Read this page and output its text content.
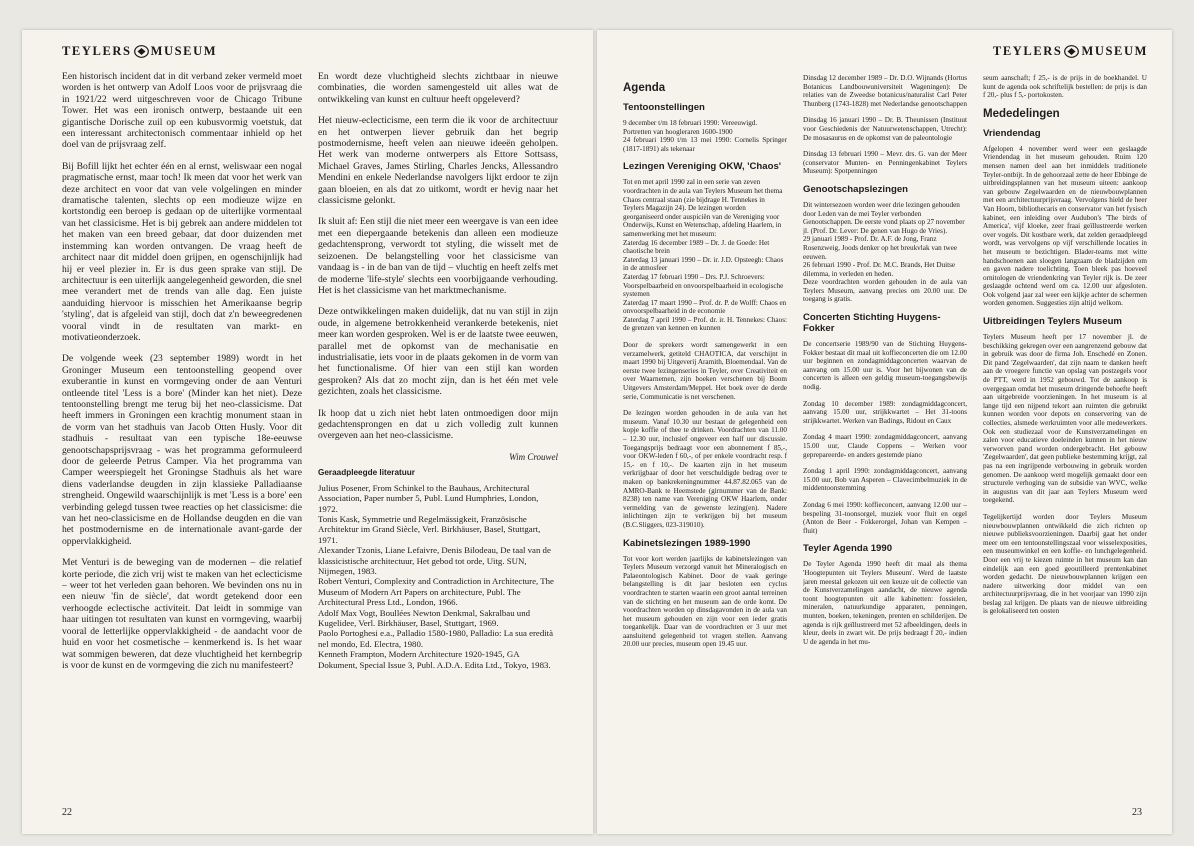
TEYLERS MUSEUM

Een historisch incident dat in dit verband zeker vermeld moet worden is het ontwerp van Adolf Loos voor de prijsvraag die in 1921/22 werd uitgeschreven voor de Chicago Tribune Tower. Het was een ironisch ontwerp, bestaande uit een gigantische Dorische zuil op een kubusvormig voetstuk, dat een interessant architectonisch commentaar inhield op het doel van de prijsvraag zelf.

Bij Bofill lijkt het echter één en al ernst, weliswaar een nogal pragmatische ernst, maar toch! Ik meen dat voor het werk van deze architect en voor dat van vele volgelingen en minder dramatische talenten, slechts op een modieuze wijze en kortstondig een beroep is gedaan op de uiterlijke vormentaal van het classicisme. Het is bij gebrek aan andere middelen tot het maken van een breed gebaar, dat door duizenden met instemming kan worden ontvangen. De vraag heeft de architect naar dit middel doen grijpen, en ogenschijnlijk had hij er veel plezier in. Er is dus geen sprake van stijl. De architectuur is een uiterlijk aangelegenheid geworden, die snel mee verandert met de trends van alle dag. Een juiste aanduiding hiervoor is misschien het Amerikaanse begrip 'styling', dat is afgeleid van stijl, doch dat z'n beweegredenen vooral vindt in de resultaten van markt- en motivatieonderzoek.

De volgende week (23 september 1989) wordt in het Groninger Museum een tentoonstelling geopend over exuberantie in kunst en vormgeving onder de aan Venturi ontleende titel 'Less is a bore' (Minder kan het niet). Deze tentoonstelling brengt me terug bij het neo-classicisme. Dat heeft immers in Groningen een krachtig monument staan in de vorm van het stadhuis van Jacob Otten Husly. Voor dit stadhuis - resultaat van een typische 18e-eeuwse genootschapsprijsvraag - was het programma geformuleerd door de geleerde Petrus Camper. Via het programma van Camper weerspiegelt het Groningse Stadhuis als het ware diens vaderlandse deugden in zijn klassieke Palladiaanse strengheid. Ongewild waarschijnlijk is met 'Less is a bore' een verbinding gelegd tussen twee reacties op het classicisme: die van het neo-classicisme en de Hollandse deugden en die van het postmodernisme en de internationale avant-garde der oppervlakkigheid.

Met Venturi is de beweging van de modernen – die relatief korte periode, die zich vrij wist te maken van het eclecticisme – weer tot het verleden gaan behoren. We bevinden ons nu in een nieuw 'fin de siècle', dat wordt getekend door een verhoogde eclectische activiteit. Dat leidt in sommige van haar uitingen tot resultaten van kunst en vormgeving, waarbij vooral de letterlijke oppervlakkigheid - de aandacht voor de huid en voor het cosmetische – kenmerkend is. Is het waar wat sommigen beweren, dat deze vluchtigheid het kernbegrip is voor de kunst en de vormgeving die zich nu manifesteert?

En wordt deze vluchtigheid slechts zichtbaar in nieuwe combinaties, die worden samengesteld uit alles wat de ontwikkeling van kunst en cultuur heeft opgeleverd?

Het nieuw-eclecticisme, een term die ik voor de architectuur en het ontwerpen liever gebruik dan het begrip postmodernisme, heeft velen aan nieuwe ideeën geholpen. Het werk van moderne ontwerpers als Ettore Sottsass, Michael Graves, James Stirling, Charles Jencks, Allessandro Mendini en enkele Nederlandse navolgers lijkt erdoor te zijn gaan bloeien, en als dat zo uitkomt, wordt er hevig naar het classicisme gelonkt.

Ik sluit af: Een stijl die niet meer een weergave is van een idee met een diepergaande betekenis dan alleen een modieuze gedachtensprong, verwordt tot styling, die wisselt met de seizoenen. De belangstelling voor het classicisme van vandaag is - in de ban van de tijd – vluchtig en heeft zelfs met de moderne 'life-style' slechts een voorbijgaande verhouding. Het is het classicisme van het marktmechanisme.

Deze ontwikkelingen maken duidelijk, dat nu van stijl in zijn oude, in algemene betrokkenheid verankerde betekenis, niet meer kan worden gesproken. Wel is er de laatste twee eeuwen, parallel met de opkomst van de mechanisatie en industrialisatie, iets voor in de plaats gekomen in de vorm van het functionalisme. Of hier van een stijl kan worden gesproken? Als dat zo mocht zijn, dan is het één met vele gezichten, zoals het classicisme.

Ik hoop dat u zich niet hebt laten ontmoedigen door mijn gedachtensprongen en dat u zich volledig zult kunnen overgeven aan het neo-classicisme.

Wim Crouwel
Geraadpleegde literatuur

Julius Posener, From Schinkel to the Bauhaus, Architectural Association, Paper number 5, Publ. Lund Humphries, London, 1972.

Tonis Kask, Symmetrie und Regelmässigkeit, Französische Architektur im Grand Siècle, Verl. Birkhäuser, Basel, Stuttgart, 1971.

Alexander Tzonis, Liane Lefaivre, Denis Bilodeau, De taal van de klassicistische architectuur, Het gebod tot orde, Uitg. SUN, Nijmegen, 1983.

Robert Venturi, Complexity and Contradiction in Architecture, The Museum of Modern Art Papers on architecture, Publ. The Architectural Press Ltd., London, 1966.

Adolf Max Vogt, Boullées Newton Denkmal, Sakralbau und Kugelidee, Verl. Birkhäuser, Basel, Stuttgart, 1969.

Paolo Portoghesi e.a., Palladio 1580-1980, Palladio: La sua eredità nel mondo, Ed. Electra, 1980.

Kenneth Frampton, Modern Architecture 1920-1945, GA Dokument, Special Issue 3, Publ. A.D.A. Edita Ltd., Tokyo, 1983.

22
TEYLERS MUSEUM
Agenda
Tentoonstellingen

9 december t/m 18 februari 1990: Vereeuwigd. Portretten van hoogleraren 1600-1900

24 februari 1990 t/m 13 mei 1990: Cornelis Springer (1817-1891) als tekenaar

Lezingen Vereniging OKW, 'Chaos'

Tot en met april 1990 zal in een serie van zeven voordrachten in de aula van Teylers Museum het thema Chaos centraal staan (zie bijdrage H. Tennekes in Teylers Magazijn 24). De lezingen worden georganiseerd onder auspiciën van de Vereniging voor Onderwijs, Kunst en Wetenschap, afdeling Haarlem, in samenwerking met het museum:

Zaterdag 16 december 1989 – Dr. J. de Goede: Het chaotische brein

Zaterdag 13 januari 1990 – Dr. ir. J.D. Opsteegh: Chaos in de atmosfeer

Zaterdag 17 februari 1990 – Drs. P.J. Schroevers: Voorspelbaarheid en onvoorspelbaarheid in ecologische systemen

Zaterdag 17 maart 1990 – Prof. dr. P. de Wolff: Chaos en onvoorspelbaarheid in de economie

Zaterdag 7 april 1990 – Prof. dr. ir. H. Tennekes: Chaos: de grenzen van kennen en kunnen

Door de sprekers wordt samengewerkt in een verzamelwerk, getiteld CHAOTICA, dat verschijnt in maart 1990 bij Uitgeverij Aramith, Bloemendaal. Van de eerste twee lezingenseries in Teyler, over Creativiteit en over Waarnemen, zijn boeken verschenen bij Boom Uitgevers Amsterdam/Meppel. Het boek over de derde serie, Communicatie is net verschenen.

De lezingen worden gehouden in de aula van het museum. Vanaf 10.30 uur bestaat de gelegenheid een kopje koffie of thee te drinken. Voordrachten van 11.00 – 12.30 uur, inclusief ongeveer een half uur discussie. Toegangsprijs bedraagt voor een abonnement f 85,-, voor OKW-leden f 60,-, of per enkele voordracht resp. f 15,- en f 10,-. De kaarten zijn in het museum verkrijgbaar of door het verschuldigde bedrag over te maken op bankrekeningnummer 44.87.82.065 van de AMRO-Bank te Heemstede (girnummer van de Bank: 8238) ten name van Vereniging OKW Haarlem, onder vermelding van de gewenste lezing(en). Nadere inlichtingen zijn te verkrijgen bij het museum (B.C.Sliggers, 023-319010).

Kabinetslezingen 1989-1990

Tot voor kort werden jaarlijks de kabinetslezingen van Teylers Museum verzorgd vanuit het Mineralogisch en Palaeontologisch Kabinet. Door de vaak geringe belangstelling is dit jaar besloten een cyclus voordrachten te starten waarin een groot aantal terreinen van de stichting en het museum aan de orde komt. De voordrachten worden op dinsdagavonden in de aula van het museum gehouden en zijn voor een ieder gratis toegankelijk. Daar van de voordrachten er 3 uur met aansluitend gelegenheid tot vragen stellen. Aanvang 20.00 uur precies, museum open 19.45 uur.

Dinsdag 12 december 1989 – Dr. D.O. Wijnands (Hortus Botanicus Landbouwuniversiteit Wageningen): De relaties van de Zweedse botanicus/naturalist Carl Peter Thunberg (1743-1828) met Nederlandse genootschappen

Dinsdag 16 januari 1990 – Dr. B. Theunissen (Instituut voor Geschiedenis der Natuurwetenschappen, Utrecht): De mosasaurus en de opkomst van de paleontologie

Dinsdag 13 februari 1990 – Mevr. drs. G. van der Meer (conservator Munten- en Penningenkabinet Teylers Museum): Spotpenningen

Genootschapslezingen

Dit wintersezoen worden weer drie lezingen gehouden door Leden van de mei Teyler verbonden Genootschappen. De eerste vond plaats op 27 november jl. (Prof. Dr. Lever: De genen van Hugo de Vries).

29 januari 1989 - Prof. Dr. A.F. de Jong, Franz Rosenzweig, Joods denker op het breukvlak van twee eeuwen.

26 februari 1990 - Prof. Dr. M.C. Brands, Het Duitse dilemma, in verleden en heden.

Deze voordrachten worden gehouden in de aula van Teylers Museum, aanvang precies om 20.00 uur. De toegang is gratis.

Concerten Stichting Huygens-Fokker

De concertserie 1989/90 van de Stichting Huygens-Fokker bestaat dit maal uit koffieconcerten die om 12.00 uur beginnen en zondagmiddagconcerten waarvan de aanvang om 15.00 uur is. Voor het bijwonen van de concerten is alleen een geldig museum-toegangsbewijs nodig.

Zondag 10 december 1989: zondagmiddagconcert, aanvang 15.00 uur, strijkkwartet – Het 31-toons strijkkwartet. Werken van Badings, Ridout en Caux

Zondag 4 maart 1990: zondagmiddagconcert, aanvang 15.00 uur, Claude Coppens – Werken voor geprepareerde- en anders gestemde piano

Zondag 1 april 1990: zondagmiddagconcert, aanvang 15.00 uur, Bob van Asperen – Clavecimbelmuziek in de middentoonstemming

Zondag 6 mei 1990: koffieconcert, aanvang 12.00 uur – bespeling 31-toonsorgel, muziek voor fluit en orgel (Anton de Beer - Fokkerorgel, Johan van Kempen – fluit)

Teyler Agenda 1990

De Teyler Agenda 1990 heeft dit maal als thema 'Hoogtepunten uit Teylers Museum'. Werd de laatste jaren meestal gekozen uit een keuze uit de collectie van de Kunstverzamelingen aandacht, de nieuwe agenda toont hoogtepunten uit alle kabinetten: fossielen, mineralen, natuurkundige apparaten, penningen, munten, boeken, tekeningen, prenten en schilderijen. De agenda is rijk geïllustreerd met 52 afbeeldingen, deels in kleur, deels in zwart wit. De prijs bedraagt f 20,- indien U de agenda in het mu-

seum aanschaft; f 25,- is de prijs in de boekhandel. U kunt de agenda ook schriftelijk bestellen: de prijs is dan f 20,- plus f 5,- portokosten.

Mededelingen
Vriendendag

Afgelopen 4 november werd weer een geslaagde Vriendendag in het museum gehouden. Ruim 120 mensen namen deel aan het inmiddels traditionele Teyler-ontbijt. In de gehoorzaal zette de heer Ebbinge de uitbreidingsplannen van het museum uiteen: aankoop van gebouw Zegelwaarden en de nieuwbouwplannen met een architectuurprijsvraag. Vervolgens hield de heer Van Hoorn, bibliothecaris en conservator van het fysisch kabinet, een inleiding over Audubon's 'The birds of America', vijf kloeke, zeer fraai geïllustreerde werken over vogels. Dit kostbare werk, dat zelden geraadpleegd wordt, was vervolgens op vijf verschillende locaties in het museum te bezichtigen. Blader-teams met witte handschoenen aan sloegen langzaam de bladzijden om en gaven nadere toelichting. Toen bleek pas hoeveel ornitologen de vriendenkring van Teyler rijk is. De zeer geslaagde ochtend werd om ca. 12.00 uur afgesloten. Ook volgend jaar zal weer een kijkje achter de schermen worden genomen. Suggesties zijn altijd welkom.

Uitbreidingen Teylers Museum

Teylers Museum heeft per 17 november jl. de beschikking gekregen over een aangrenzend gebouw dat in gebruik was door de firma Joh. Enschedé en Zonen. Dit pand 'Zegelwaarden', dat zijn naam te danken heeft aan de vroegere functie van opslag van postzegels voor de PTT, werd in 1952 gebouwd. Tot de aankoop is overgegaan omdat het museum dringende behoefte heeft aan uitgebreide voorzieningen. In het museum is al lange tijd een nijpend tekort aan ruimten die gebruikt kunnen worden voor depots en conservering van de collecties, alsmede werkruimten voor alle medewerkers. Ook een studiezaal voor de Kunstverzamelingen en zalen voor educatieve doeleinden kunnen in het nieuw verworven pand worden ondergebracht. Het gebouw 'Zegelwaarden', dat geen publieke bestemming krijgt, zal pas na een ingrijpende verbouwing in gebruik worden genomen. De aankoop werd mogelijk gemaakt door een structurele verhoging van de subsidie van WVC, welke in augustus van dit jaar aan Teylers Museum werd toegekend.

Tegelijkertijd worden door Teylers Museum nieuwbouwplannen ontwikkeld die zich richten op nieuwe publieksvoorzieningen. Daarbij gaat het onder meer om een tentoonstellingszaal voor wisselexposities, een museumwinkel en een koffie- en lunchgelegenheid. Door een vrij te kiezen ruimte in het museum kan dan eindelijk aan een goed geoutilleerd prentenkabinet worden gedacht. De nieuwbouwplannen krijgen een nadere uitwerking door middel van een architectuurprijsvraag, die in het voorjaar van 1990 zijn beslag zal krijgen. De plaats van de nieuwe uitbreiding is gelokaliseerd ten oosten

23
